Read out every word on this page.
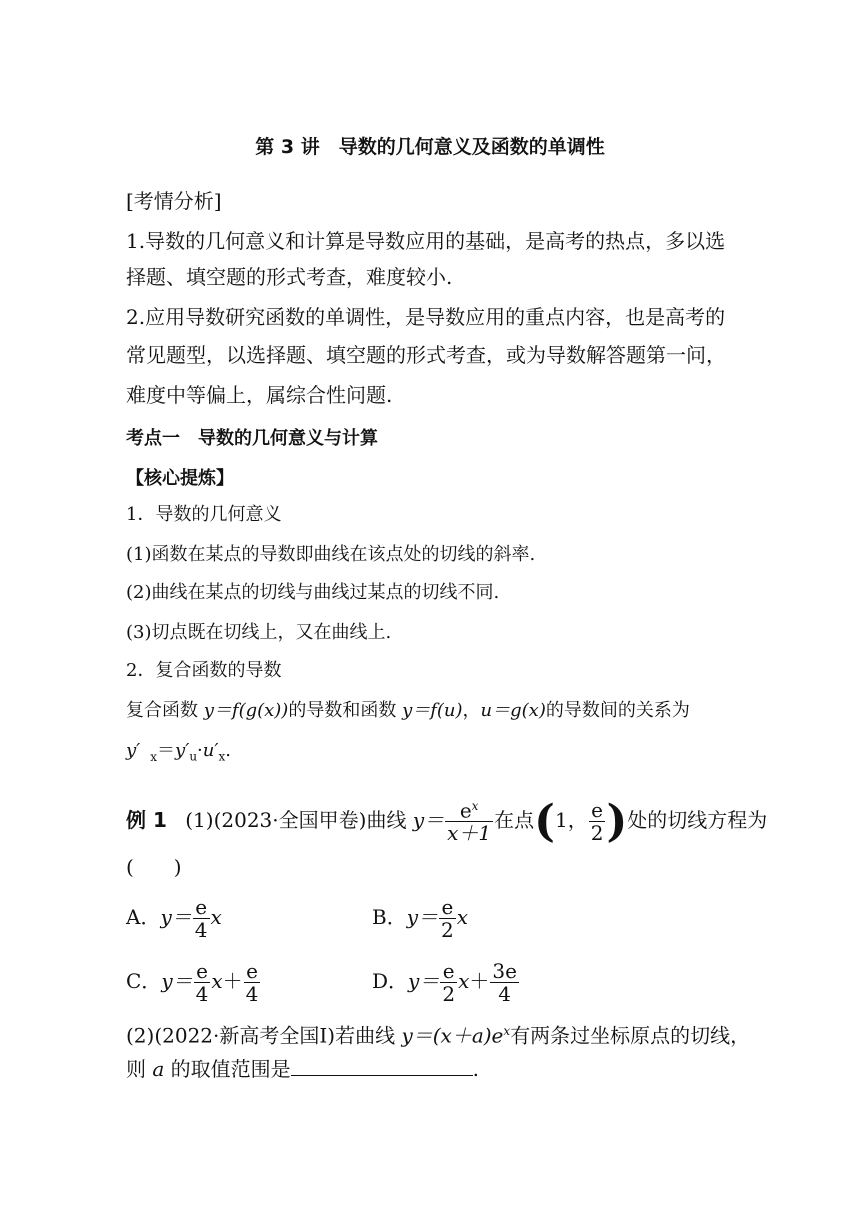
第 3 讲　导数的几何意义及函数的单调性
[考情分析]
1.导数的几何意义和计算是导数应用的基础，是高考的热点，多以选
择题、填空题的形式考查，难度较小.
2.应用导数研究函数的单调性，是导数应用的重点内容，也是高考的
常见题型，以选择题、填空题的形式考查，或为导数解答题第一问，
难度中等偏上，属综合性问题.
考点一　导数的几何意义与计算
【核心提炼】
1．导数的几何意义
(1)函数在某点的导数即曲线在该点处的切线的斜率.
(2)曲线在某点的切线与曲线过某点的切线不同.
(3)切点既在切线上，又在曲线上.
2．复合函数的导数
复合函数 y＝f(g(x))的导数和函数 y＝f(u)，u＝g(x)的导数间的关系为
y′ $_x=y'_u\cdot u'_x$.
例 1 (1)(2023·全国甲卷)曲线 $y= \frac{e^x}{x+1}$ 在点(1， $\frac{e}{2}$ )处的切线方程为
(　　)
A．$y= \frac{e}{4}$ x	B．$y= \frac{e}{2}$ x
C．$y= \frac{e}{4} x+ \frac{e}{4}$	D．$y= \frac{e}{2} x+ \frac{3e}{4}$
(2)(2022·新高考全国Ⅰ)若曲线 $y=(x+a)e^x$有两条过坐标原点的切线，
则 a 的取值范围是	.
